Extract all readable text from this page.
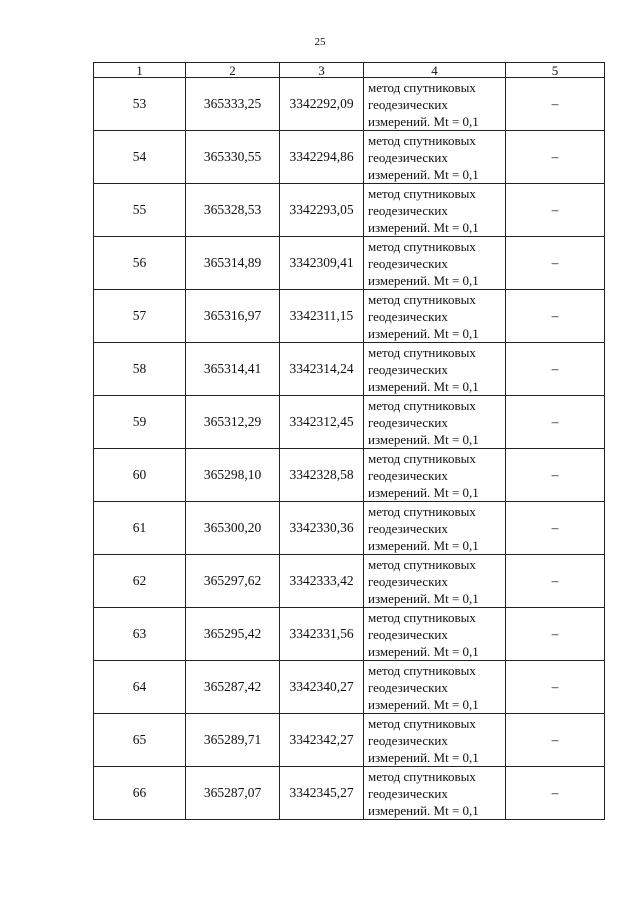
25
1	2	3	4	5
53	365333,25	3342292,09	метод спутниковых
геодезических
измерений. Mt = 0,1	–
54	365330,55	3342294,86	метод спутниковых
геодезических
измерений. Mt = 0,1	–
55	365328,53	3342293,05	метод спутниковых
геодезических
измерений. Mt = 0,1	–
56	365314,89	3342309,41	метод спутниковых
геодезических
измерений. Mt = 0,1	–
57	365316,97	3342311,15	метод спутниковых
геодезических
измерений. Mt = 0,1	–
58	365314,41	3342314,24	метод спутниковых
геодезических
измерений. Mt = 0,1	–
59	365312,29	3342312,45	метод спутниковых
геодезических
измерений. Mt = 0,1	–
60	365298,10	3342328,58	метод спутниковых
геодезических
измерений. Mt = 0,1	–
61	365300,20	3342330,36	метод спутниковых
геодезических
измерений. Mt = 0,1	–
62	365297,62	3342333,42	метод спутниковых
геодезических
измерений. Mt = 0,1	–
63	365295,42	3342331,56	метод спутниковых
геодезических
измерений. Mt = 0,1	–
64	365287,42	3342340,27	метод спутниковых
геодезических
измерений. Mt = 0,1	–
65	365289,71	3342342,27	метод спутниковых
геодезических
измерений. Mt = 0,1	–
66	365287,07	3342345,27	метод спутниковых
геодезических
измерений. Mt = 0,1	–
